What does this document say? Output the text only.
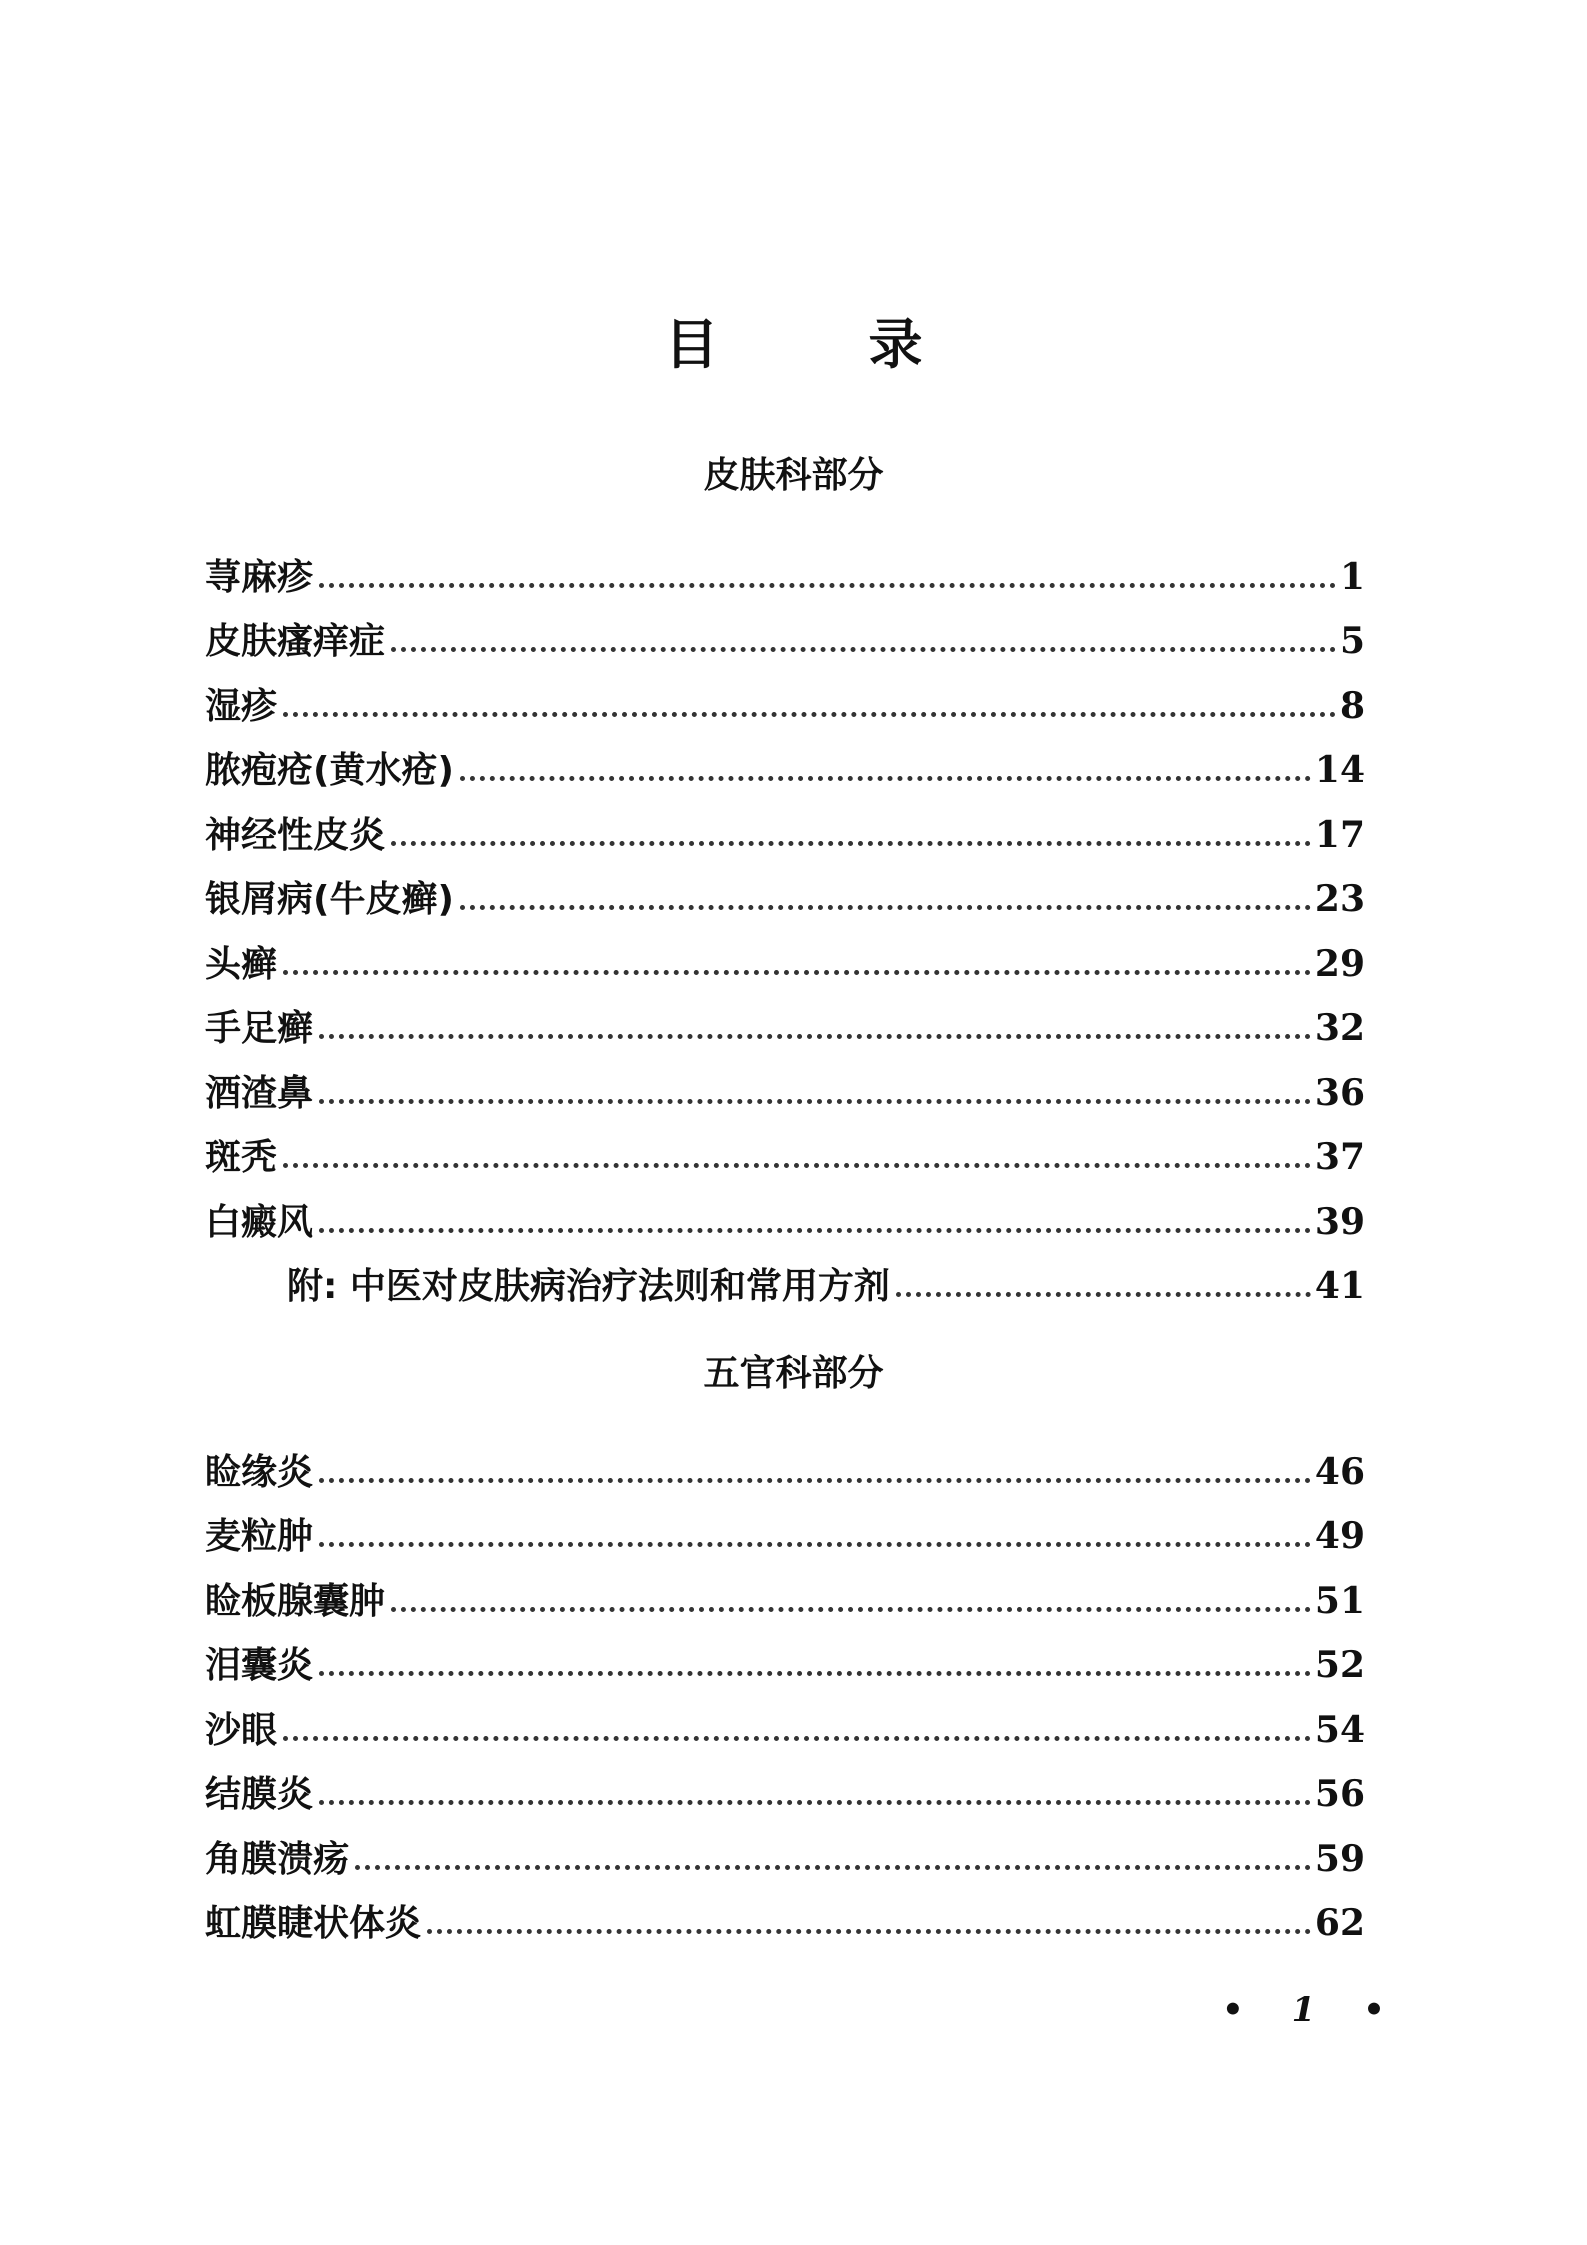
目	录
皮肤科部分
荨麻疹	1
皮肤瘙痒症	5
湿疹	8
脓疱疮(黄水疮)	14
神经性皮炎	17
银屑病(牛皮癣)	23
头癣	29
手足癣	32
酒渣鼻	36
斑秃	37
白癜风	39
附: 中医对皮肤病治疗法则和常用方剂	41
五官科部分
睑缘炎	46
麦粒肿	49
睑板腺囊肿	51
泪囊炎	52
沙眼	54
结膜炎	56
角膜溃疡	59
虹膜睫状体炎	62
• 1 •
